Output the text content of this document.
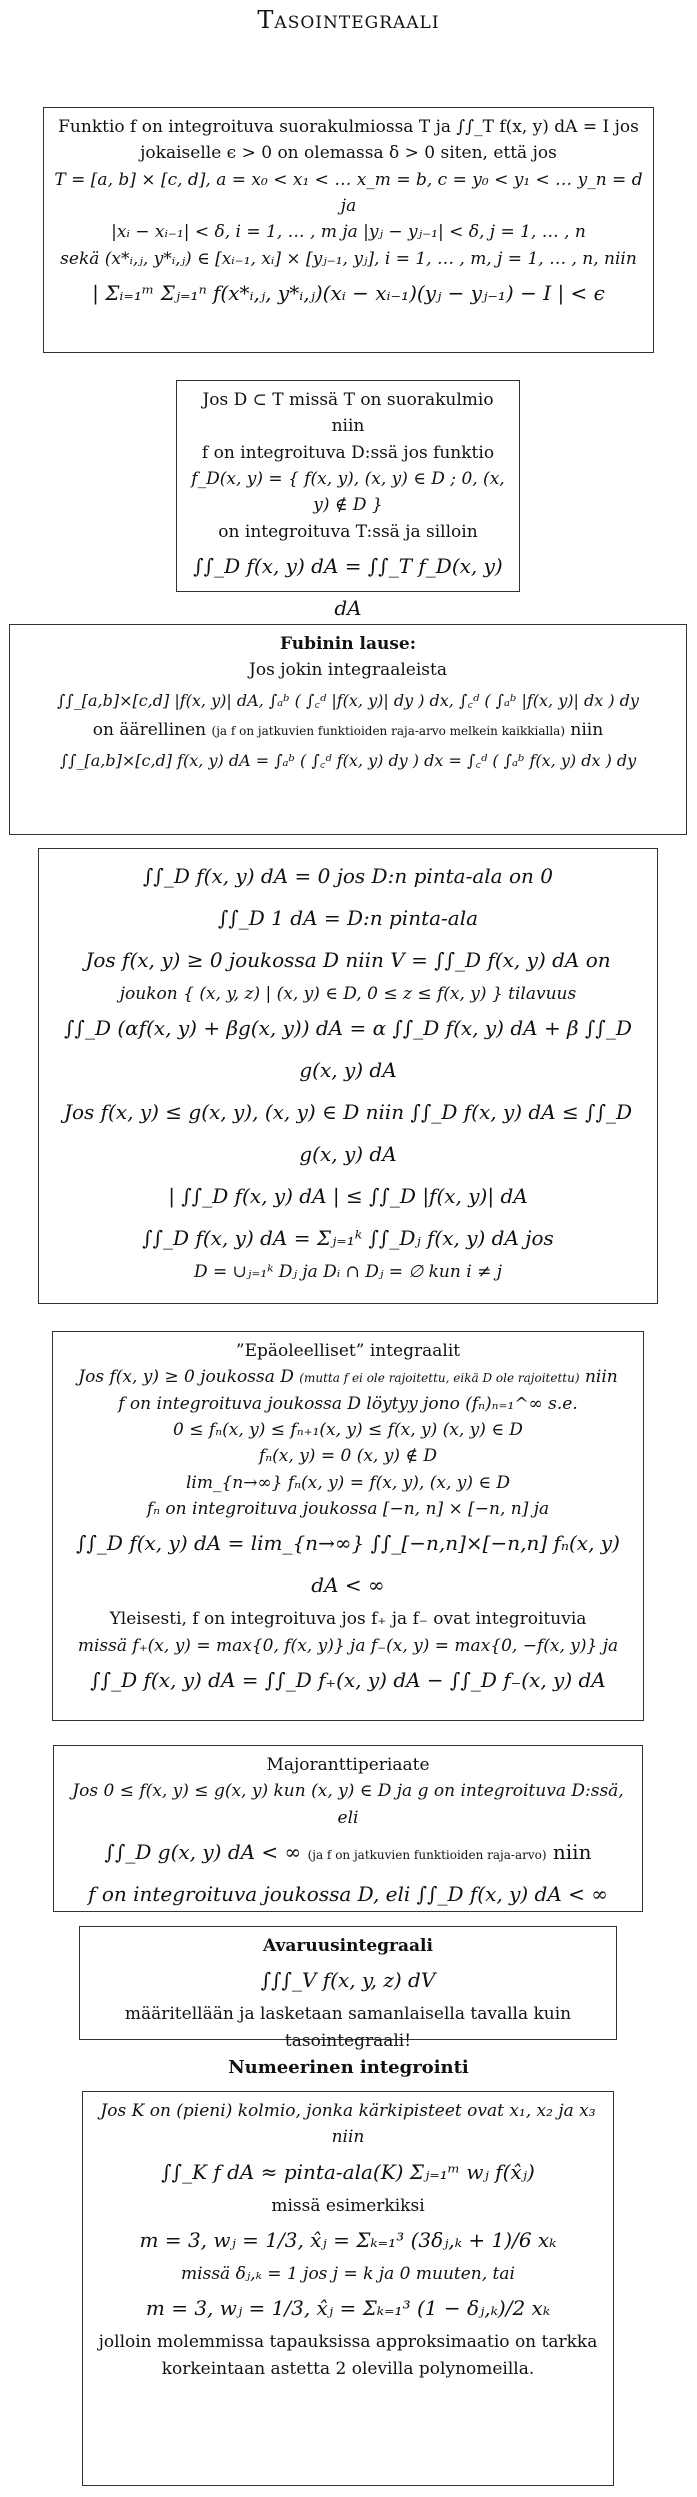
Tasointegraali

Funktio f on integroituva suorakulmiossa T ja ∫∫_T f(x, y) dA = I jos

jokaiselle ϵ > 0 on olemassa δ > 0 siten, että jos

T = [a, b] × [c, d], a = x₀ < x₁ < … x_m = b, c = y₀ < y₁ < … y_n = d ja

|xᵢ − xᵢ₋₁| < δ, i = 1, … , m ja |yⱼ − yⱼ₋₁| < δ, j = 1, … , n

sekä (x*ᵢ,ⱼ, y*ᵢ,ⱼ) ∈ [xᵢ₋₁, xᵢ] × [yⱼ₋₁, yⱼ], i = 1, … , m, j = 1, … , n, niin

| Σᵢ₌₁ᵐ Σⱼ₌₁ⁿ f(x*ᵢ,ⱼ, y*ᵢ,ⱼ)(xᵢ − xᵢ₋₁)(yⱼ − yⱼ₋₁) − I | < ϵ

Jos D ⊂ T missä T on suorakulmio niin

f on integroituva D:ssä jos funktio

f_D(x, y) = { f(x, y), (x, y) ∈ D ; 0, (x, y) ∉ D }

on integroituva T:ssä ja silloin

∫∫_D f(x, y) dA = ∫∫_T f_D(x, y) dA

Fubinin lause:

Jos jokin integraaleista

∫∫_[a,b]×[c,d] |f(x, y)| dA, ∫ₐᵇ ( ∫꜀ᵈ |f(x, y)| dy ) dx, ∫꜀ᵈ ( ∫ₐᵇ |f(x, y)| dx ) dy

on äärellinen (ja f on jatkuvien funktioiden raja-arvo melkein kaikkialla) niin

∫∫_[a,b]×[c,d] f(x, y) dA = ∫ₐᵇ ( ∫꜀ᵈ f(x, y) dy ) dx = ∫꜀ᵈ ( ∫ₐᵇ f(x, y) dx ) dy

∫∫_D f(x, y) dA = 0 jos D:n pinta-ala on 0

∫∫_D 1 dA = D:n pinta-ala

Jos f(x, y) ≥ 0 joukossa D niin V = ∫∫_D f(x, y) dA on

joukon { (x, y, z) | (x, y) ∈ D, 0 ≤ z ≤ f(x, y) } tilavuus

∫∫_D (αf(x, y) + βg(x, y)) dA = α ∫∫_D f(x, y) dA + β ∫∫_D g(x, y) dA

Jos f(x, y) ≤ g(x, y), (x, y) ∈ D niin ∫∫_D f(x, y) dA ≤ ∫∫_D g(x, y) dA

| ∫∫_D f(x, y) dA | ≤ ∫∫_D |f(x, y)| dA

∫∫_D f(x, y) dA = Σⱼ₌₁ᵏ ∫∫_Dⱼ f(x, y) dA jos

D = ∪ⱼ₌₁ᵏ Dⱼ ja Dᵢ ∩ Dⱼ = ∅ kun i ≠ j

”Epäoleelliset” integraalit

Jos f(x, y) ≥ 0 joukossa D (mutta f ei ole rajoitettu, eikä D ole rajoitettu) niin

f on integroituva joukossa D löytyy jono (fₙ)ₙ₌₁^∞ s.e.

0 ≤ fₙ(x, y) ≤ fₙ₊₁(x, y) ≤ f(x, y) (x, y) ∈ D

fₙ(x, y) = 0 (x, y) ∉ D

lim_{n→∞} fₙ(x, y) = f(x, y), (x, y) ∈ D

fₙ on integroituva joukossa [−n, n] × [−n, n] ja

∫∫_D f(x, y) dA = lim_{n→∞} ∫∫_[−n,n]×[−n,n] fₙ(x, y) dA < ∞

Yleisesti, f on integroituva jos f₊ ja f₋ ovat integroituvia

missä f₊(x, y) = max{0, f(x, y)} ja f₋(x, y) = max{0, −f(x, y)} ja

∫∫_D f(x, y) dA = ∫∫_D f₊(x, y) dA − ∫∫_D f₋(x, y) dA

Majoranttiperiaate

Jos 0 ≤ f(x, y) ≤ g(x, y) kun (x, y) ∈ D ja g on integroituva D:ssä, eli

∫∫_D g(x, y) dA < ∞ (ja f on jatkuvien funktioiden raja-arvo) niin

f on integroituva joukossa D, eli ∫∫_D f(x, y) dA < ∞

Avaruusintegraali

∫∫∫_V f(x, y, z) dV

määritellään ja lasketaan samanlaisella tavalla kuin tasointegraali!

Numeerinen integrointi

Jos K on (pieni) kolmio, jonka kärkipisteet ovat x₁, x₂ ja x₃ niin

∫∫_K f dA ≈ pinta-ala(K) Σⱼ₌₁ᵐ wⱼ f(x̂ⱼ)

missä esimerkiksi

m = 3, wⱼ = 1/3, x̂ⱼ = Σₖ₌₁³ (3δⱼ,ₖ + 1)/6 xₖ

missä δⱼ,ₖ = 1 jos j = k ja 0 muuten, tai

m = 3, wⱼ = 1/3, x̂ⱼ = Σₖ₌₁³ (1 − δⱼ,ₖ)/2 xₖ

jolloin molemmissa tapauksissa approksimaatio on tarkka

korkeintaan astetta 2 olevilla polynomeilla.
